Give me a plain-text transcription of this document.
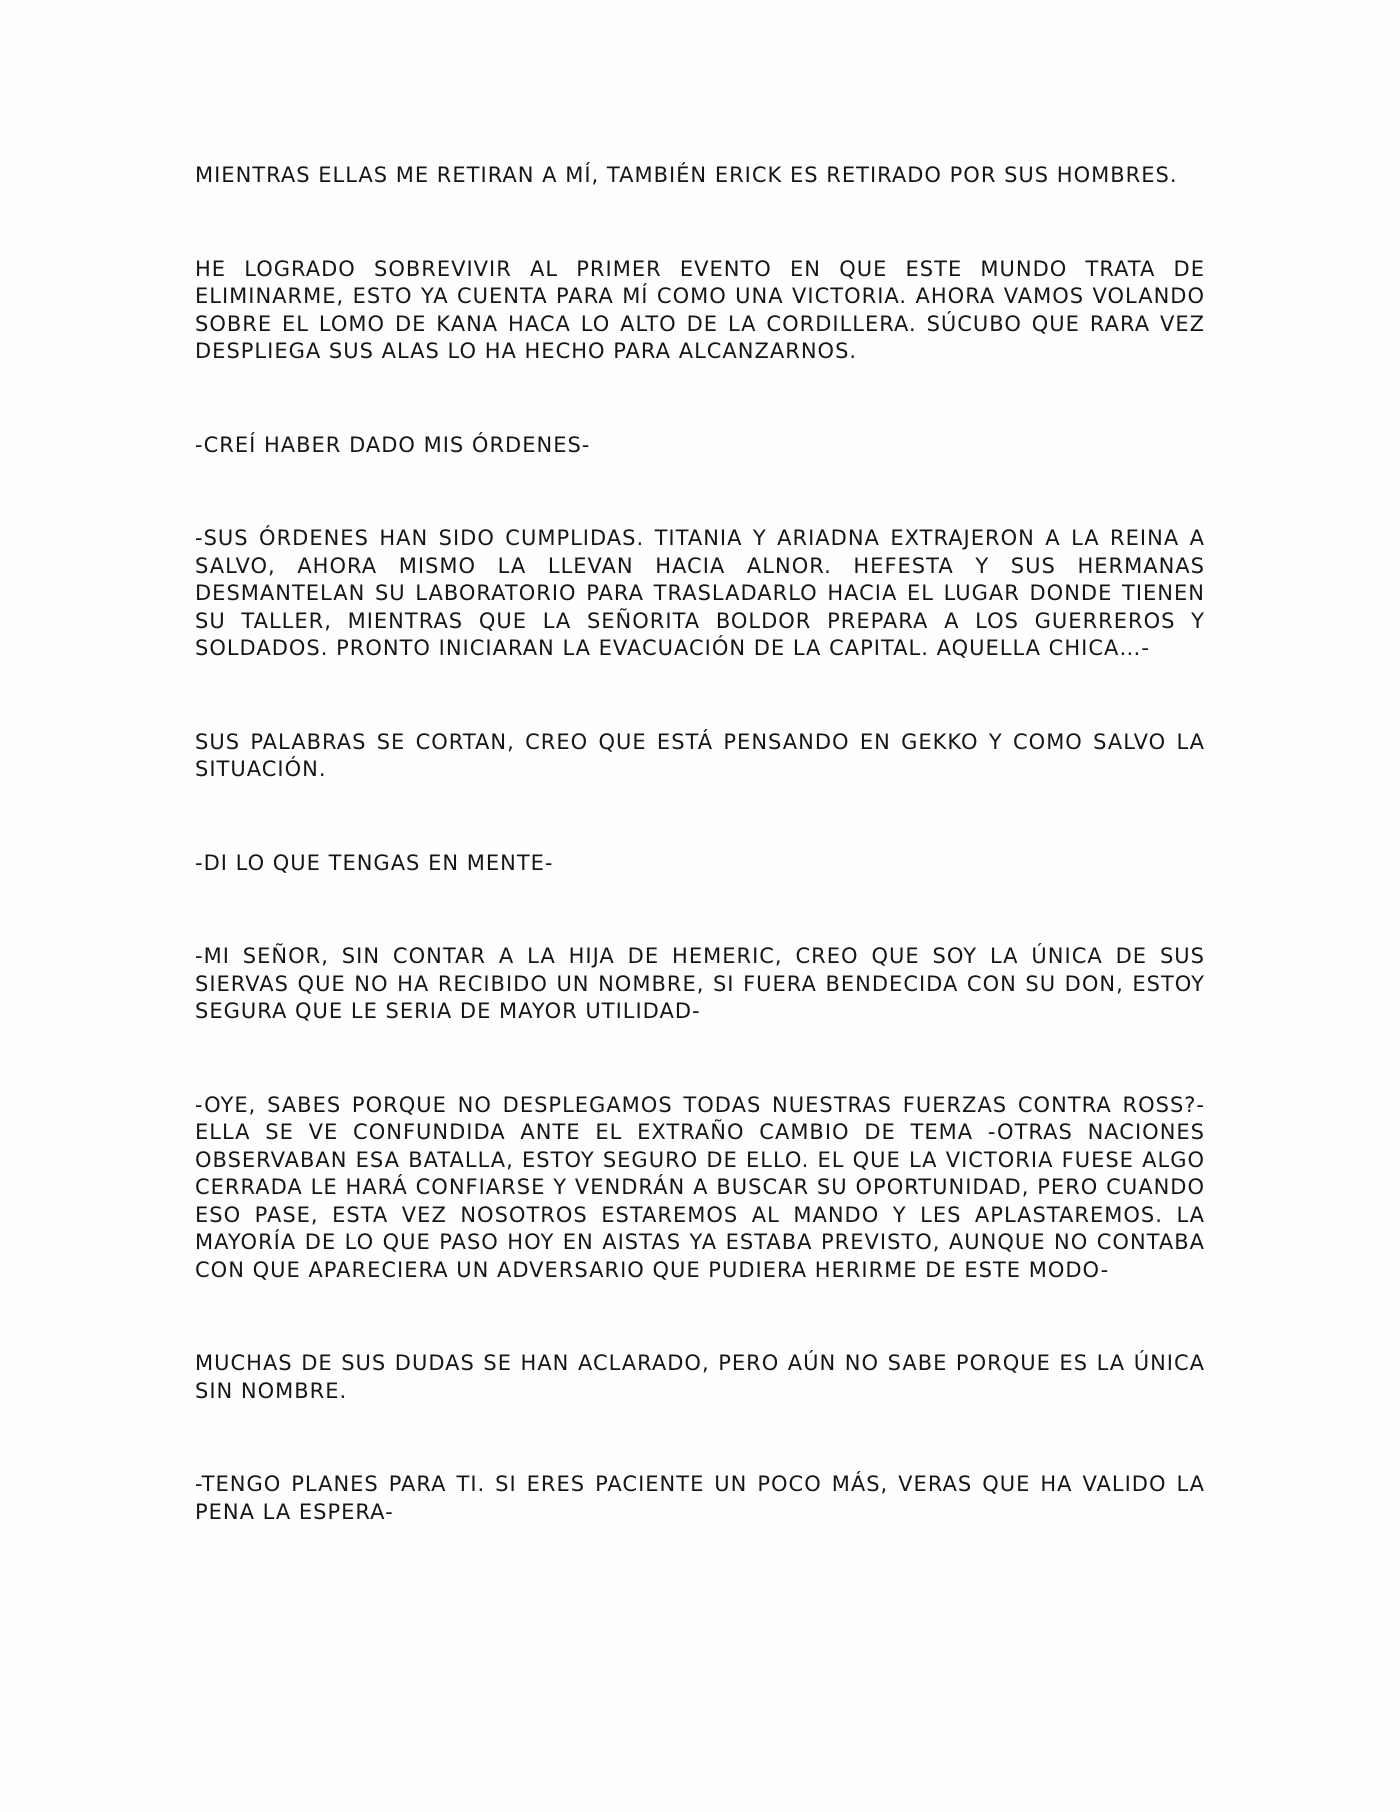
MIENTRAS ELLAS ME RETIRAN A MÍ, TAMBIÉN ERICK ES RETIRADO POR SUS HOMBRES.

HE LOGRADO SOBREVIVIR AL PRIMER EVENTO EN QUE ESTE MUNDO TRATA DE ELIMINARME, ESTO YA CUENTA PARA MÍ COMO UNA VICTORIA. AHORA VAMOS VOLANDO SOBRE EL LOMO DE KANA HACA LO ALTO DE LA CORDILLERA. SÚCUBO QUE RARA VEZ DESPLIEGA SUS ALAS LO HA HECHO PARA ALCANZARNOS.

-CREÍ HABER DADO MIS ÓRDENES-

-SUS ÓRDENES HAN SIDO CUMPLIDAS. TITANIA Y ARIADNA EXTRAJERON A LA REINA A SALVO, AHORA MISMO LA LLEVAN HACIA ALNOR. HEFESTA Y SUS HERMANAS DESMANTELAN SU LABORATORIO PARA TRASLADARLO HACIA EL LUGAR DONDE TIENEN SU TALLER, MIENTRAS QUE LA SEÑORITA BOLDOR PREPARA A LOS GUERREROS Y SOLDADOS. PRONTO INICIARAN LA EVACUACIÓN DE LA CAPITAL. AQUELLA CHICA…-

SUS PALABRAS SE CORTAN, CREO QUE ESTÁ PENSANDO EN GEKKO Y COMO SALVO LA SITUACIÓN.

-DI LO QUE TENGAS EN MENTE-

-MI SEÑOR, SIN CONTAR A LA HIJA DE HEMERIC, CREO QUE SOY LA ÚNICA DE SUS SIERVAS QUE NO HA RECIBIDO UN NOMBRE, SI FUERA BENDECIDA CON SU DON, ESTOY SEGURA QUE LE SERIA DE MAYOR UTILIDAD-

-OYE, SABES PORQUE NO DESPLEGAMOS TODAS NUESTRAS FUERZAS CONTRA ROSS?- ELLA SE VE CONFUNDIDA ANTE EL EXTRAÑO CAMBIO DE TEMA -OTRAS NACIONES OBSERVABAN ESA BATALLA, ESTOY SEGURO DE ELLO. EL QUE LA VICTORIA FUESE ALGO CERRADA LE HARÁ CONFIARSE Y VENDRÁN A BUSCAR SU OPORTUNIDAD, PERO CUANDO ESO PASE, ESTA VEZ NOSOTROS ESTAREMOS AL MANDO Y LES APLASTAREMOS. LA MAYORÍA DE LO QUE PASO HOY EN AISTAS YA ESTABA PREVISTO, AUNQUE NO CONTABA CON QUE APARECIERA UN ADVERSARIO QUE PUDIERA HERIRME DE ESTE MODO-

MUCHAS DE SUS DUDAS SE HAN ACLARADO, PERO AÚN NO SABE PORQUE ES LA ÚNICA SIN NOMBRE.

-TENGO PLANES PARA TI. SI ERES PACIENTE UN POCO MÁS, VERAS QUE HA VALIDO LA PENA LA ESPERA-
